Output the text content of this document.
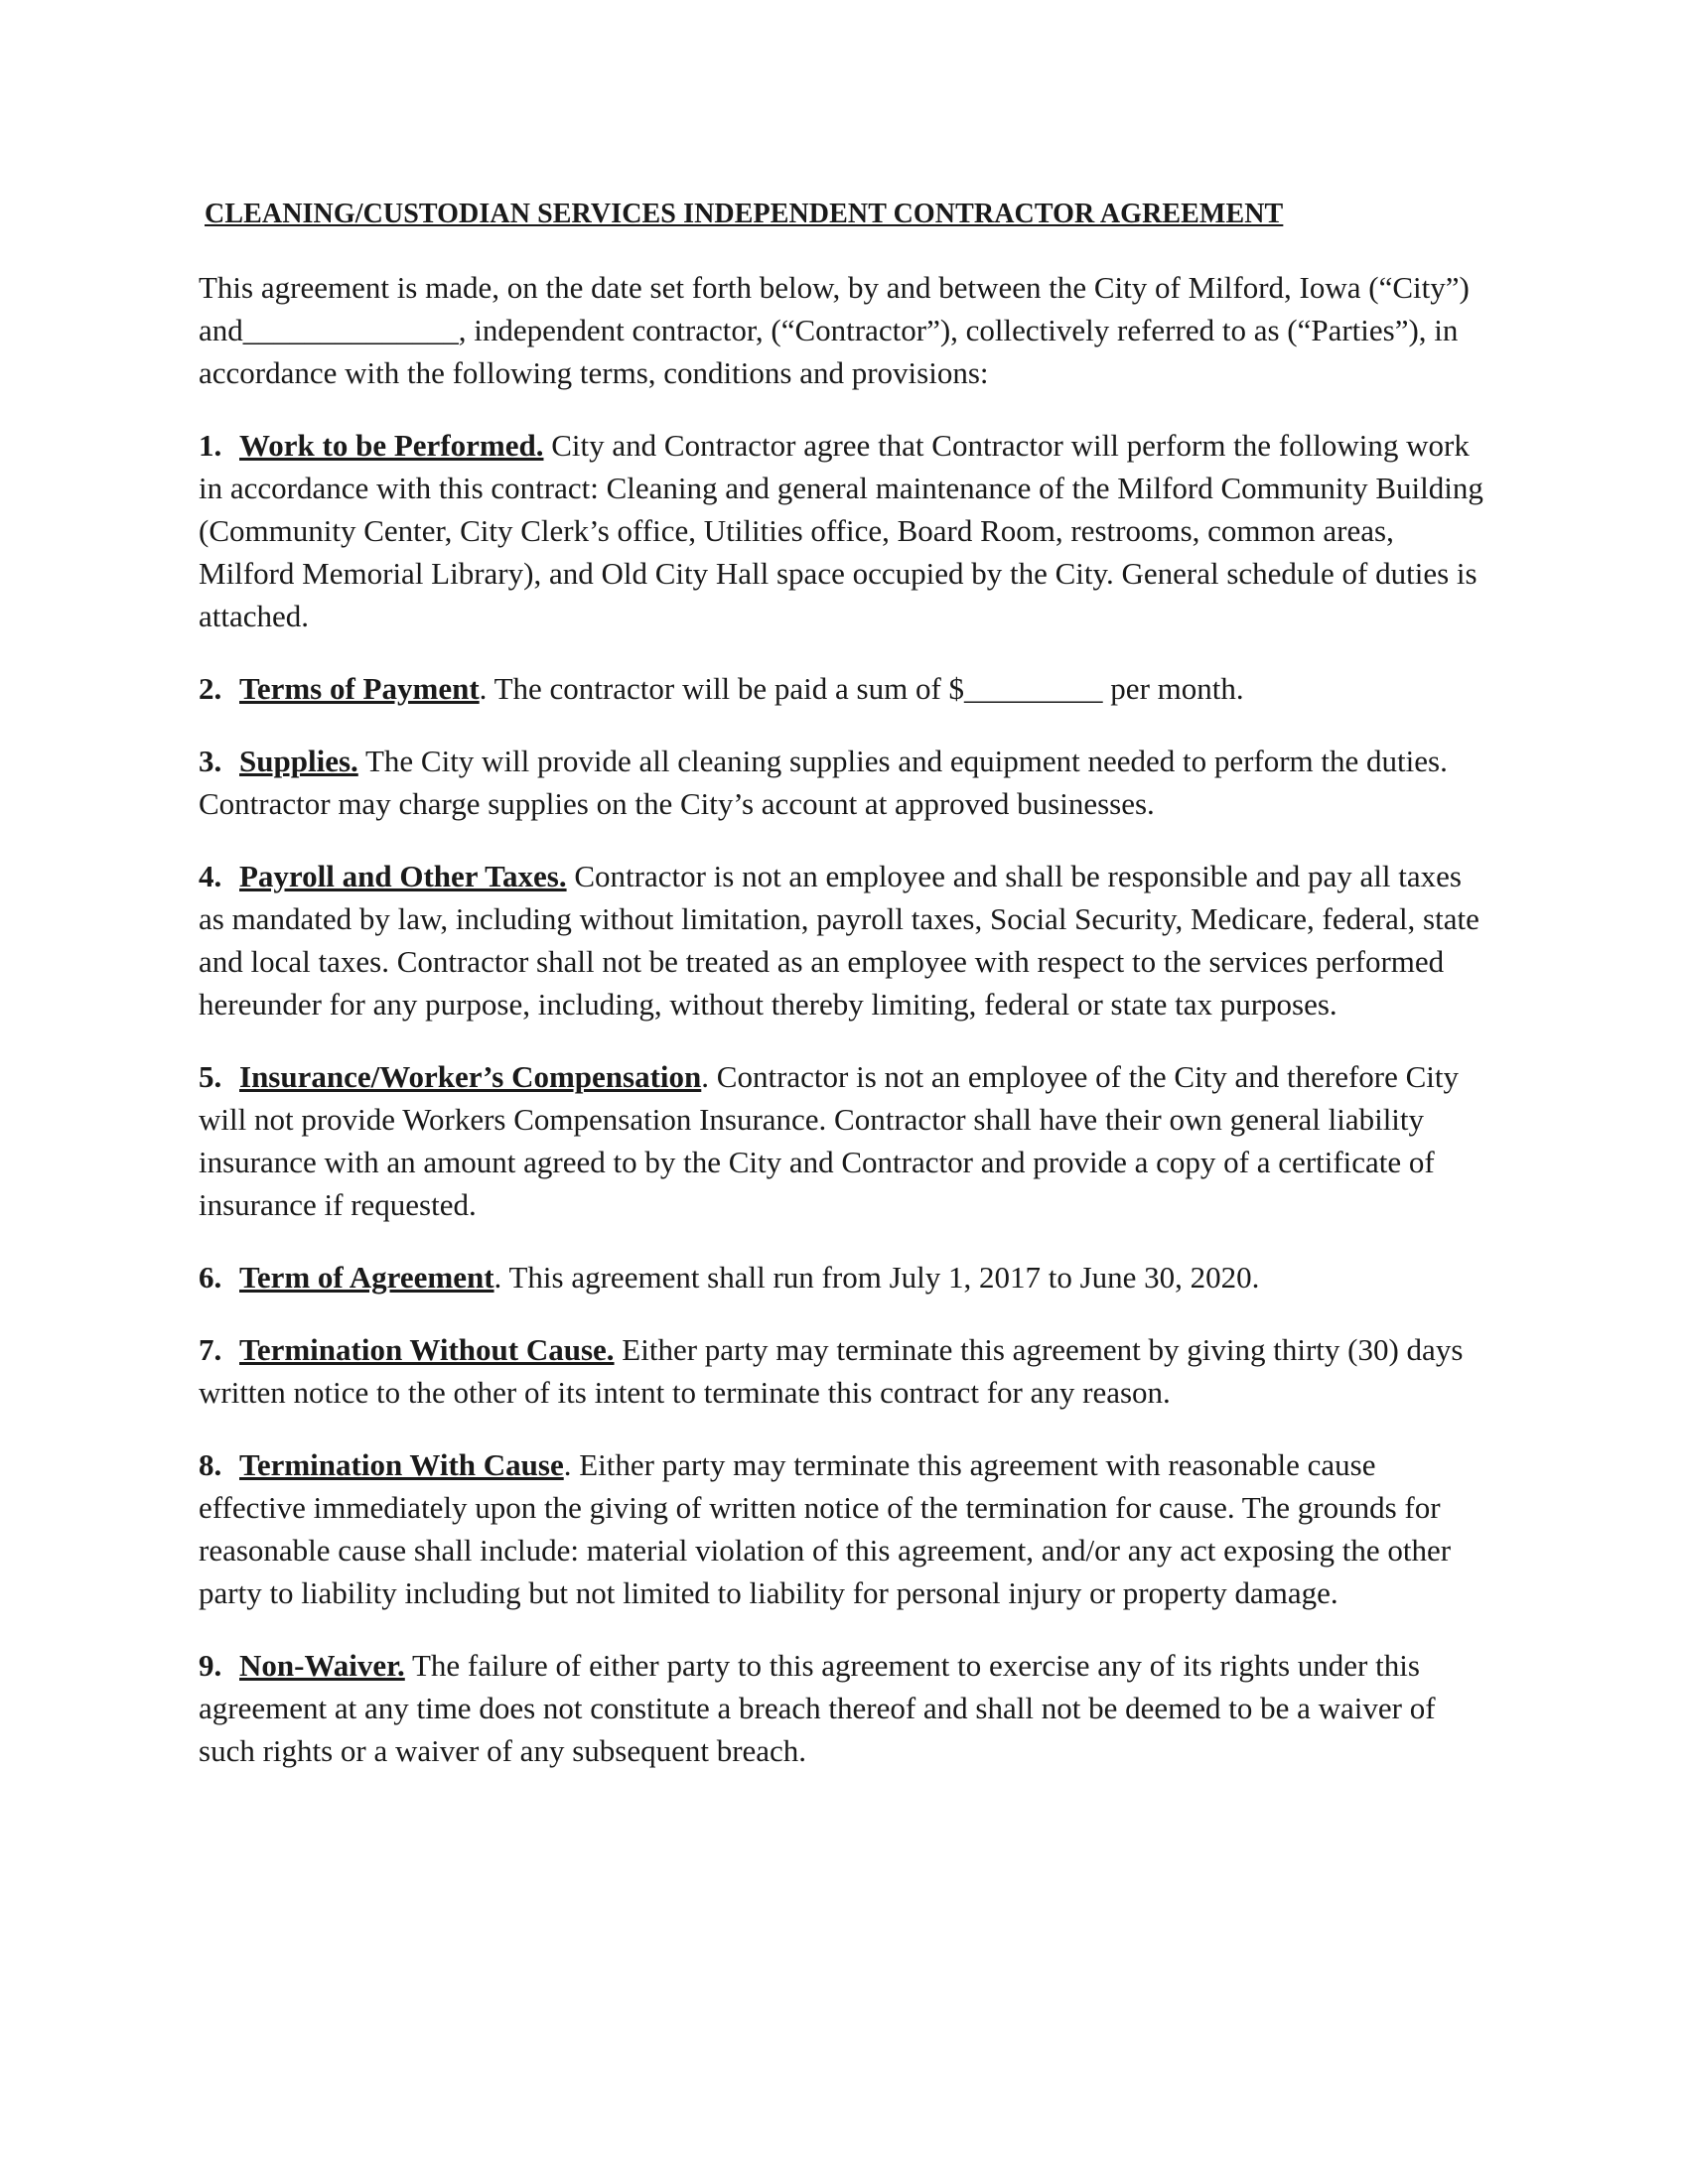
CLEANING/CUSTODIAN SERVICES INDEPENDENT CONTRACTOR AGREEMENT

This agreement is made, on the date set forth below, by and between the City of Milford, Iowa (“City”) and______________, independent contractor, (“Contractor”), collectively referred to as (“Parties”), in accordance with the following terms, conditions and provisions:

1. Work to be Performed. City and Contractor agree that Contractor will perform the following work in accordance with this contract: Cleaning and general maintenance of the Milford Community Building (Community Center, City Clerk’s office, Utilities office, Board Room, restrooms, common areas, Milford Memorial Library), and Old City Hall space occupied by the City. General schedule of duties is attached.

2. Terms of Payment. The contractor will be paid a sum of $_________ per month.

3. Supplies. The City will provide all cleaning supplies and equipment needed to perform the duties. Contractor may charge supplies on the City’s account at approved businesses.

4. Payroll and Other Taxes. Contractor is not an employee and shall be responsible and pay all taxes as mandated by law, including without limitation, payroll taxes, Social Security, Medicare, federal, state and local taxes. Contractor shall not be treated as an employee with respect to the services performed hereunder for any purpose, including, without thereby limiting, federal or state tax purposes.

5. Insurance/Worker’s Compensation. Contractor is not an employee of the City and therefore City will not provide Workers Compensation Insurance. Contractor shall have their own general liability insurance with an amount agreed to by the City and Contractor and provide a copy of a certificate of insurance if requested.

6. Term of Agreement. This agreement shall run from July 1, 2017 to June 30, 2020.

7. Termination Without Cause. Either party may terminate this agreement by giving thirty (30) days written notice to the other of its intent to terminate this contract for any reason.

8. Termination With Cause. Either party may terminate this agreement with reasonable cause effective immediately upon the giving of written notice of the termination for cause. The grounds for reasonable cause shall include: material violation of this agreement, and/or any act exposing the other party to liability including but not limited to liability for personal injury or property damage.

9. Non-Waiver. The failure of either party to this agreement to exercise any of its rights under this agreement at any time does not constitute a breach thereof and shall not be deemed to be a waiver of such rights or a waiver of any subsequent breach.
